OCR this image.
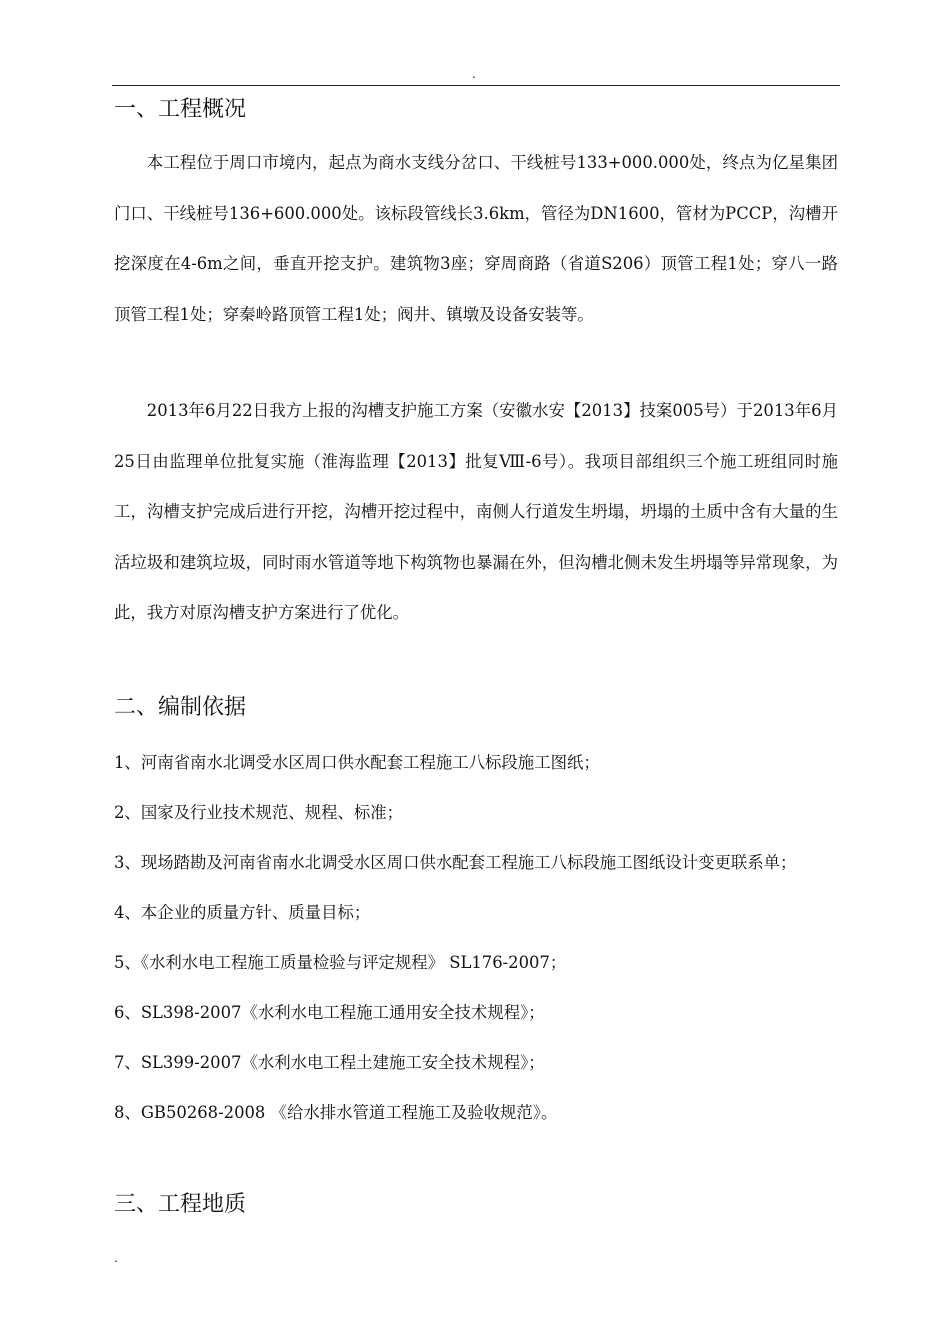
.
一、工程概况

本工程位于周口市境内，起点为商水支线分岔口、干线桩号133+000.000处，终点为亿星集团门口、干线桩号136+600.000处。该标段管线长3.6km，管径为DN1600，管材为PCCP，沟槽开挖深度在4-6m之间，垂直开挖支护。建筑物3座；穿周商路（省道S206）顶管工程1处；穿八一路顶管工程1处；穿秦岭路顶管工程1处；阀井、镇墩及设备安装等。

2013年6月22日我方上报的沟槽支护施工方案（安徽水安【2013】技案005号）于2013年6月25日由监理单位批复实施（淮海监理【2013】批复Ⅷ-6号）。我项目部组织三个施工班组同时施工，沟槽支护完成后进行开挖，沟槽开挖过程中，南侧人行道发生坍塌，坍塌的土质中含有大量的生活垃圾和建筑垃圾，同时雨水管道等地下构筑物也暴漏在外，但沟槽北侧未发生坍塌等异常现象，为此，我方对原沟槽支护方案进行了优化。

二、编制依据
1、河南省南水北调受水区周口供水配套工程施工八标段施工图纸；
2、国家及行业技术规范、规程、标准；
3、现场踏勘及河南省南水北调受水区周口供水配套工程施工八标段施工图纸设计变更联系单；
4、本企业的质量方针、质量目标；
5、《水利水电工程施工质量检验与评定规程》 SL176-2007；
6、SL398-2007《水利水电工程施工通用安全技术规程》；
7、SL399-2007《水利水电工程土建施工安全技术规程》；
8、GB50268-2008 《给水排水管道工程施工及验收规范》。
三、工程地质
.
